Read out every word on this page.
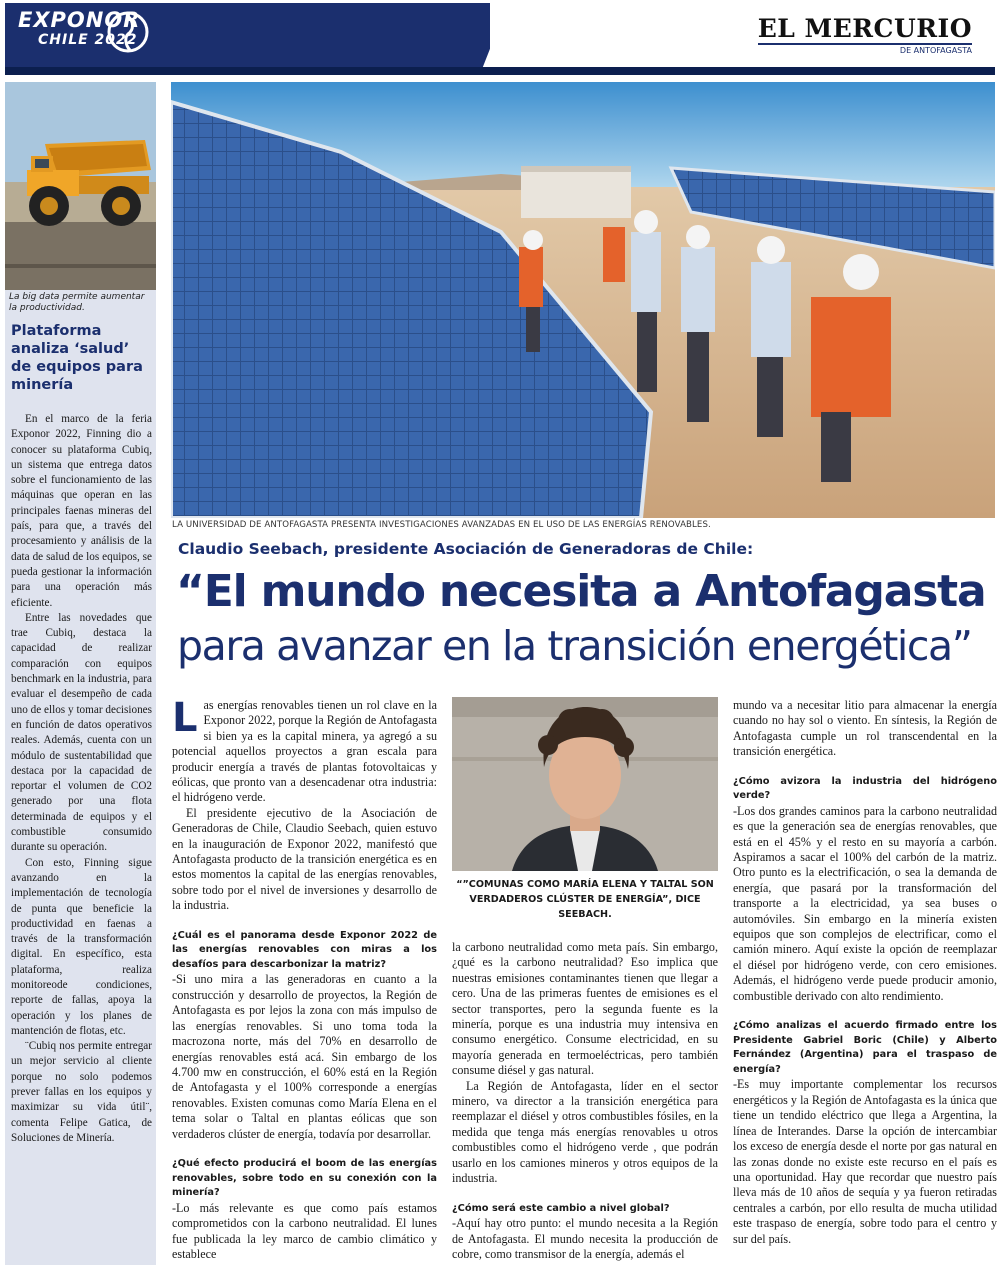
EXPONOR
CHILE 2022	EL MERCURIO
DE ANTOFAGASTA
La big data permite aumentar la productividad.
Plataforma analiza ‘salud’ de equipos para minería

En el marco de la feria Exponor 2022, Finning dio a conocer su plataforma Cubiq, un sistema que entrega datos sobre el funcionamiento de las máquinas que operan en las principales faenas mineras del país, para que, a través del procesamiento y análisis de la data de salud de los equipos, se pueda gestionar la información para una operación más eficiente.

Entre las novedades que trae Cubiq, destaca la capacidad de realizar comparación con equipos benchmark en la industria, para evaluar el desempeño de cada uno de ellos y tomar decisiones en función de datos operativos reales. Además, cuenta con un módulo de sustentabilidad que destaca por la capacidad de reportar el volumen de CO2 generado por una flota determinada de equipos y el combustible consumido durante su operación.

Con esto, Finning sigue avanzando en la implementación de tecnología de punta que beneficie la productividad en faenas a través de la transformación digital. En específico, esta plataforma, realiza monitoreode condiciones, reporte de fallas, apoya la operación y los planes de mantención de flotas, etc.

¨Cubiq nos permite entregar un mejor servicio al cliente porque no solo podemos prever fallas en los equipos y maximizar su vida útil¨, comenta Felipe Gatica, de Soluciones de Minería.

LA UNIVERSIDAD DE ANTOFAGASTA PRESENTA INVESTIGACIONES AVANZADAS EN EL USO DE LAS ENERGÍAS RENOVABLES.
Claudio Seebach, presidente Asociación de Generadoras de Chile:
“El mundo necesita a Antofagasta
para avanzar en la transición energética”

Las energías renovables tienen un rol clave en la Exponor 2022, porque la Región de Antofagasta si bien ya es la capital minera, ya agregó a su potencial aquellos proyectos a gran escala para producir energía a través de plantas fotovoltaicas y eólicas, que pronto van a desencadenar otra industria: el hidrógeno verde.

El presidente ejecutivo de la Asociación de Generadoras de Chile, Claudio Seebach, quien estuvo en la inauguración de Exponor 2022, manifestó que Antofagasta producto de la transición energética es en estos momentos la capital de las energías renovables, sobre todo por el nivel de inversiones y desarrollo de la industria.

¿Cuál es el panorama desde Exponor 2022 de las energías renovables con miras a los desafíos para descarbonizar la matriz?

-Si uno mira a las generadoras en cuanto a la construcción y desarrollo de proyectos, la Región de Antofagasta es por lejos la zona con más impulso de las energías renovables. Si uno toma toda la macrozona norte, más del 70% en desarrollo de energías renovables está acá. Sin embargo de los 4.700 mw en construcción, el 60% está en la Región de Antofagasta y el 100% corresponde a energías renovables. Existen comunas como María Elena en el tema solar o Taltal en plantas eólicas que son verdaderos clúster de energía, todavía por desarrollar.

¿Qué efecto producirá el boom de las energías renovables, sobre todo en su conexión con la minería?

-Lo más relevante es que como país estamos comprometidos con la carbono neutralidad. El lunes fue publicada la ley marco de cambio climático y establece

“”COMUNAS COMO MARÍA ELENA Y TALTAL SON VERDADEROS CLÚSTER DE ENERGÍA”, DICE SEEBACH.

la carbono neutralidad como meta país. Sin embargo, ¿qué es la carbono neutralidad? Eso implica que nuestras emisiones contaminantes tienen que llegar a cero. Una de las primeras fuentes de emisiones es el sector transportes, pero la segunda fuente es la minería, porque es una industria muy intensiva en consumo energético. Consume electricidad, en su mayoría generada en termoeléctricas, pero también consume diésel y gas natural.

La Región de Antofagasta, líder en el sector minero, va director a la transición energética para reemplazar el diésel y otros combustibles fósiles, en la medida que tenga más energías renovables u otros combustibles como el hidrógeno verde , que podrán usarlo en los camiones mineros y otros equipos de la industria.

¿Cómo será este cambio a nivel global?

-Aquí hay otro punto: el mundo necesita a la Región de Antofagasta. El mundo necesita la producción de cobre, como transmisor de la energía, además el

mundo va a necesitar litio para almacenar la energía cuando no hay sol o viento. En síntesis, la Región de Antofagasta cumple un rol transcendental en la transición energética.

¿Cómo avizora la industria del hidrógeno verde?

-Los dos grandes caminos para la carbono neutralidad es que la generación sea de energías renovables, que está en el 45% y el resto en su mayoría a carbón. Aspiramos a sacar el 100% del carbón de la matriz. Otro punto es la electrificación, o sea la demanda de energía, que pasará por la transformación del transporte a la electricidad, ya sea buses o automóviles. Sin embargo en la minería existen equipos que son complejos de electrificar, como el camión minero. Aquí existe la opción de reemplazar el diésel por hidrógeno verde, con cero emisiones. Además, el hidrógeno verde puede producir amonio, combustible derivado con alto rendimiento.

¿Cómo analizas el acuerdo firmado entre los Presidente Gabriel Boric (Chile) y Alberto Fernández (Argentina) para el traspaso de energía?

-Es muy importante complementar los recursos energéticos y la Región de Antofagasta es la única que tiene un tendido eléctrico que llega a Argentina, la línea de Interandes. Darse la opción de intercambiar los exceso de energía desde el norte por gas natural en las zonas donde no existe este recurso en el país es una oportunidad. Hay que recordar que nuestro país lleva más de 10 años de sequía y ya fueron retiradas centrales a carbón, por ello resulta de mucha utilidad este traspaso de energía, sobre todo para el centro y sur del país.
